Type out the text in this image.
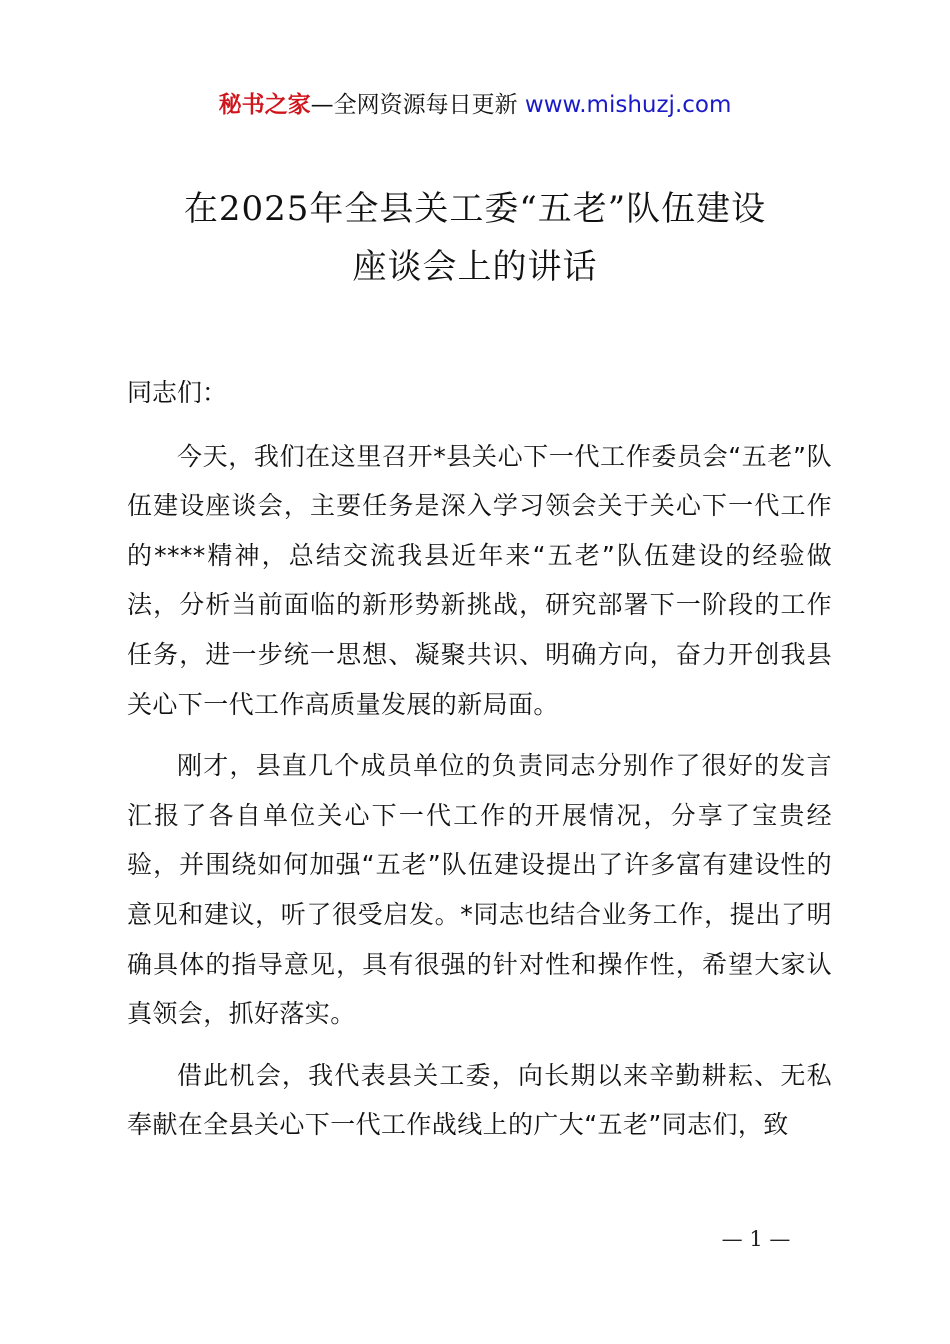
秘书之家—全网资源每日更新 www.mishuzj.com
在2025年全县关工委“五老”队伍建设
座谈会上的讲话

同志们：

今天，我们在这里召开*县关心下一代工作委员会“五老”队伍建设座谈会，主要任务是深入学习领会关于关心下一代工作的****精神，总结交流我县近年来“五老”队伍建设的经验做法，分析当前面临的新形势新挑战，研究部署下一阶段的工作任务，进一步统一思想、凝聚共识、明确方向，奋力开创我县关心下一代工作高质量发展的新局面。

刚才，县直几个成员单位的负责同志分别作了很好的发言汇报了各自单位关心下一代工作的开展情况，分享了宝贵经验，并围绕如何加强“五老”队伍建设提出了许多富有建设性的意见和建议，听了很受启发。*同志也结合业务工作，提出了明确具体的指导意见，具有很强的针对性和操作性，希望大家认真领会，抓好落实。

借此机会，我代表县关工委，向长期以来辛勤耕耘、无私奉献在全县关心下一代工作战线上的广大“五老”同志们，致

— 1 —
